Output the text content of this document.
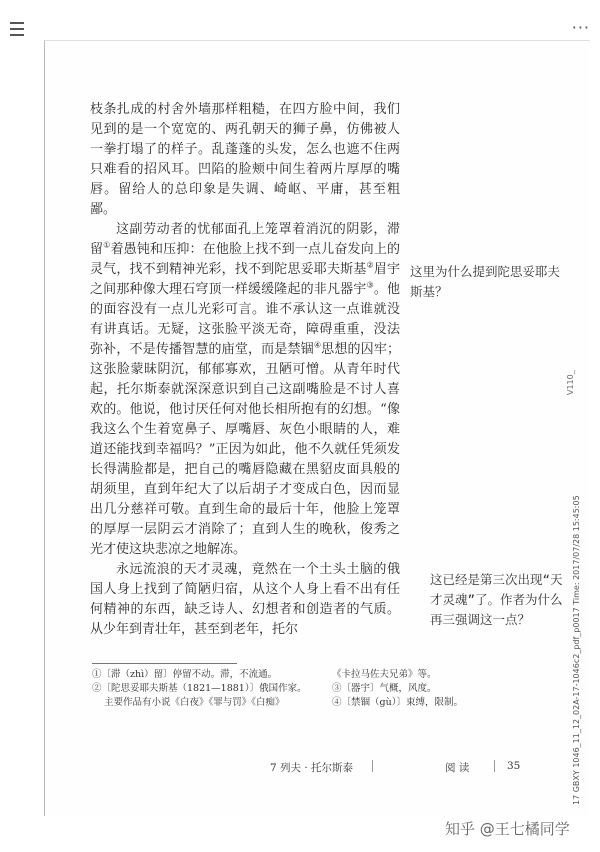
···

枝条扎成的村舍外墙那样粗糙，在四方脸中间，我们见到的是一个宽宽的、两孔朝天的狮子鼻，仿佛被人一拳打塌了的样子。乱蓬蓬的头发，怎么也遮不住两只难看的招风耳。凹陷的脸颊中间生着两片厚厚的嘴唇。留给人的总印象是失调、崎岖、平庸，甚至粗鄙。

这副劳动者的忧郁面孔上笼罩着消沉的阴影，滞留①着愚钝和压抑：在他脸上找不到一点儿奋发向上的灵气，找不到精神光彩，找不到陀思妥耶夫斯基②眉宇之间那种像大理石穹顶一样缓缓隆起的非凡器宇③。他的面容没有一点儿光彩可言。谁不承认这一点谁就没有讲真话。无疑，这张脸平淡无奇，障碍重重，没法弥补，不是传播智慧的庙堂，而是禁锢④思想的囚牢；这张脸蒙昧阴沉，郁郁寡欢，丑陋可憎。从青年时代起，托尔斯泰就深深意识到自己这副嘴脸是不讨人喜欢的。他说，他讨厌任何对他长相所抱有的幻想。“像我这么个生着宽鼻子、厚嘴唇、灰色小眼睛的人，难道还能找到幸福吗？”正因为如此，他不久就任凭须发长得满脸都是，把自己的嘴唇隐藏在黑貂皮面具般的胡须里，直到年纪大了以后胡子才变成白色，因而显出几分慈祥可敬。直到生命的最后十年，他脸上笼罩的厚厚一层阴云才消除了；直到人生的晚秋，俊秀之光才使这块悲凉之地解冻。

永远流浪的天才灵魂，竟然在一个土头土脑的俄国人身上找到了简陋归宿，从这个人身上看不出有任何精神的东西，缺乏诗人、幻想者和创造者的气质。从少年到青壮年，甚至到老年，托尔

这里为什么提到陀思妥耶夫斯基？
这已经是第三次出现“天才灵魂”了。作者为什么再三强调这一点？
①〔滞（zhì）留〕停留不动。滞，不流通。
②〔陀思妥耶夫斯基（1821—1881）〕俄国作家。
主要作品有小说《白夜》《罪与罚》《白痴》
《卡拉马佐夫兄弟》等。
③〔器宇〕气概，风度。
④〔禁锢（gù）〕束缚，限制。
7 列夫 · 托尔斯泰	阅 读	35
V110_
17 GBXY 1046_11_12_02A-17-1046c2_pdf_p0017 Time: 2017/07/28 15:45:05
知乎 @王七橘同学
